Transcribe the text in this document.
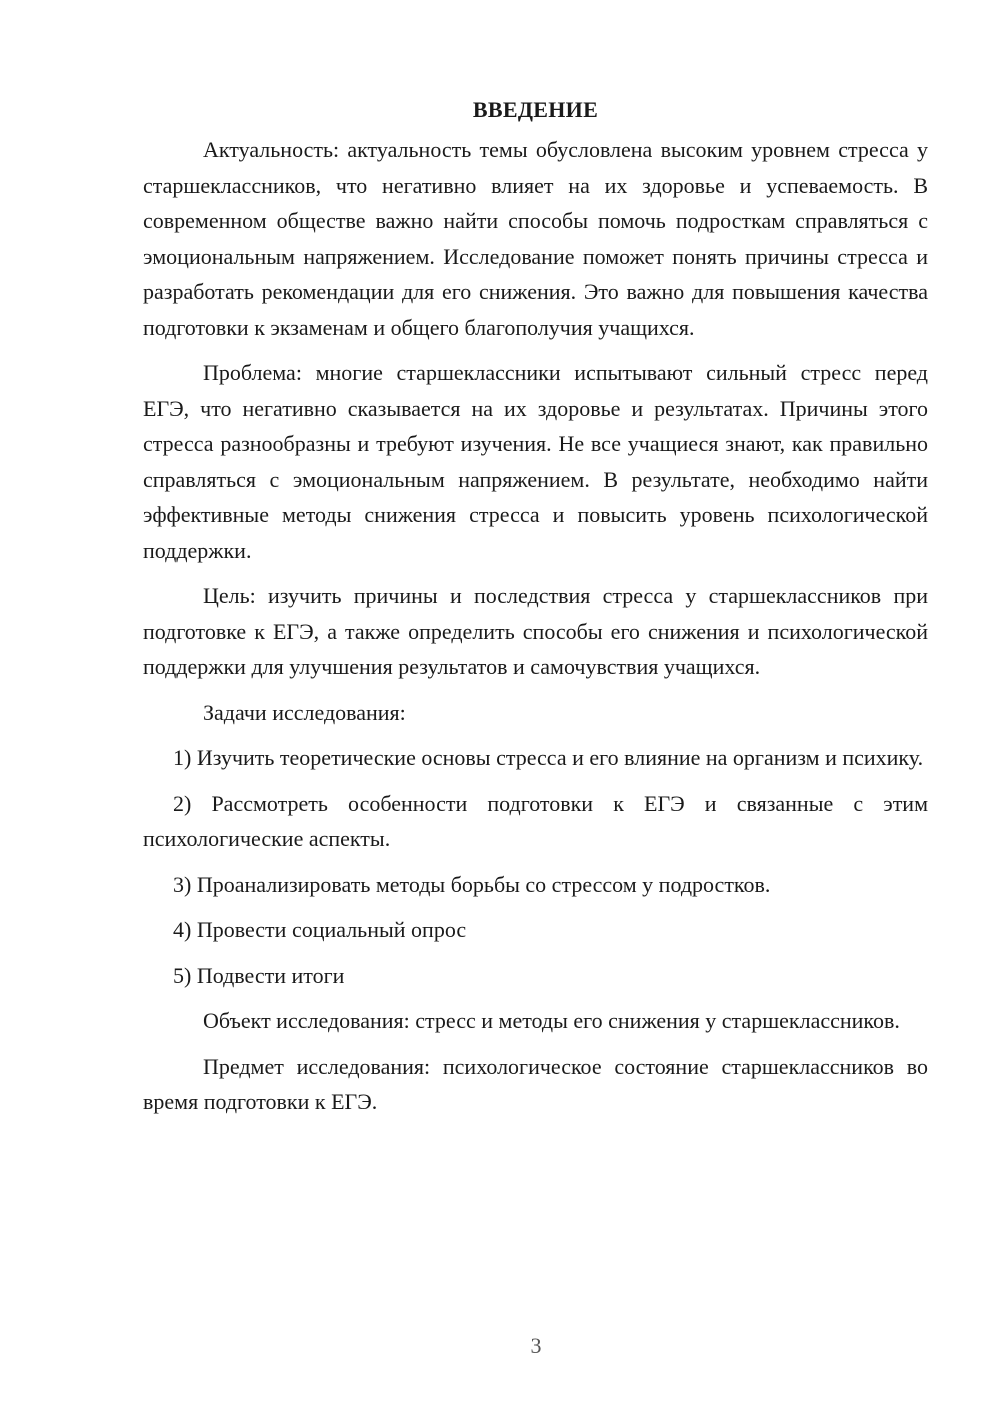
ВВЕДЕНИЕ

Актуальность: актуальность темы обусловлена высоким уровнем стресса у старшеклассников, что негативно влияет на их здоровье и успеваемость. В современном обществе важно найти способы помочь подросткам справляться с эмоциональным напряжением. Исследование поможет понять причины стресса и разработать рекомендации для его снижения. Это важно для повышения качества подготовки к экзаменам и общего благополучия учащихся.

Проблема: многие старшеклассники испытывают сильный стресс перед ЕГЭ, что негативно сказывается на их здоровье и результатах. Причины этого стресса разнообразны и требуют изучения. Не все учащиеся знают, как правильно справляться с эмоциональным напряжением. В результате, необходимо найти эффективные методы снижения стресса и повысить уровень психологической поддержки.

Цель: изучить причины и последствия стресса у старшеклассников при подготовке к ЕГЭ, а также определить способы его снижения и психологической поддержки для улучшения результатов и самочувствия учащихся.

Задачи исследования:

1) Изучить теоретические основы стресса и его влияние на организм и психику.

2) Рассмотреть особенности подготовки к ЕГЭ и связанные с этим психологические аспекты.

3) Проанализировать методы борьбы со стрессом у подростков.

4) Провести социальный опрос

5) Подвести итоги

Объект исследования: стресс и методы его снижения у старшеклассников.

Предмет исследования: психологическое состояние старшеклассников во время подготовки к ЕГЭ.

3
